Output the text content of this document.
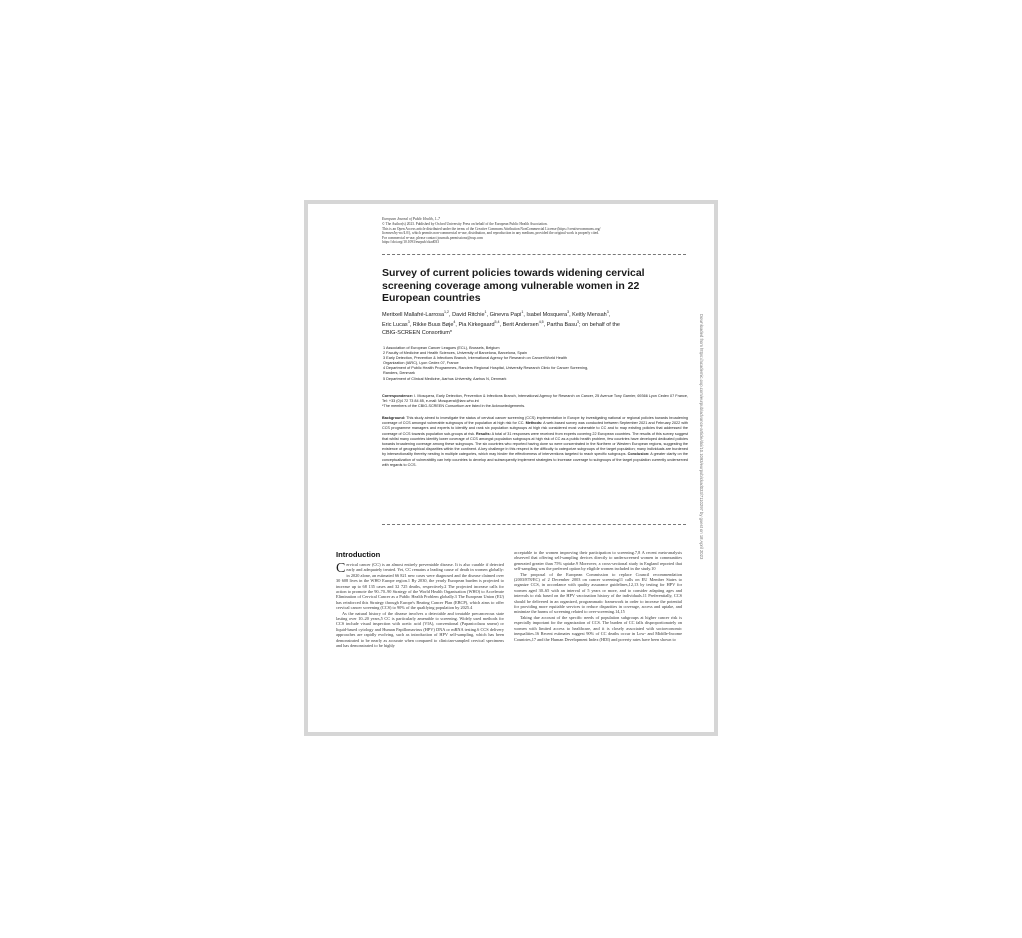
European Journal of Public Health, 1–7
© The Author(s) 2023. Published by Oxford University Press on behalf of the European Public Health Association.
This is an Open Access article distributed under the terms of the Creative Commons Attribution NonCommercial License (https://creativecommons.org/
licenses/by-nc/4.0/), which permits non-commercial re-use, distribution, and reproduction in any medium, provided the original work is properly cited.
For commercial re-use, please contact journals.permissions@oup.com
https://doi.org/10.1093/eurpub/ckad033
Survey of current policies towards widening cervical screening coverage among vulnerable women in 22 European countries
Meritxell Mallafré-Larrosa$^{1,2}$, David Ritchie$^1$, Ginevra Papi$^1$, Isabel Mosquera$^3$, Keitly Mensah$^3$,
Eric Lucas$^3$, Rikke Buus Bøje$^4$, Pia Kirkegaard$^{5,4}$, Berit Andersen$^{4,5}$, Partha Basu$^3$; on behalf of the
CBIG-SCREEN Consortium*
1 Association of European Cancer Leagues (ECL), Brussels, Belgium
2 Faculty of Medicine and Health Sciences, University of Barcelona, Barcelona, Spain
3 Early Detection, Prevention & Infections Branch, International Agency for Research on Cancer/World Health
Organization (IARC), Lyon Cedex 07, France
4 Department of Public Health Programmes, Randers Regional Hospital, University Research Clinic for Cancer Screening,
Randers, Denmark
5 Department of Clinical Medicine, Aarhus University, Aarhus N, Denmark
Correspondence: I. Mosquera, Early Detection, Prevention & Infections Branch, International Agency for Research on Cancer, 25 Avenue Tony Garnier, 69366 Lyon Cedex 07 France, Tel: +33 (0)4 72 73 84 85, e-mail: MosqueraI@iarc.who.int
*The members of the CBIG-SCREEN Consortium are listed in the Acknowledgements.
Background: This study aimed to investigate the status of cervical cancer screening (CCS) implementation in Europe by investigating national or regional policies towards broadening coverage of CCS amongst vulnerable subgroups of the population at high risk for CC. Methods: A web-based survey was conducted between September 2021 and February 2022 with CCS programme managers and experts to identify and rank six population subgroups at high risk considered most vulnerable to CC and to map existing policies that addressed the coverage of CCS towards population sub-groups at risk. Results: A total of 31 responses were received from experts covering 22 European countries. The results of this survey suggest that whilst many countries identify lower coverage of CCS amongst population subgroups at high risk of CC as a public health problem, few countries have developed dedicated policies towards broadening coverage among these subgroups. The six countries who reported having done so were concentrated in the Northern or Western European regions, suggesting the existence of geographical disparities within the continent. A key challenge in this respect is the difficulty to categorize subgroups of the target population; many individuals are burdened by intersectionality thereby nesting in multiple categories, which may hinder the effectiveness of interventions targeted to reach specific subgroups. Conclusion: A greater clarity on the conceptualization of vulnerability can help countries to develop and subsequently implement strategies to increase coverage to subgroups of the target population currently underserved with regards to CCS.
Introduction

Cervical cancer (CC) is an almost entirely preventable disease. It is also curable if detected early and adequately treated. Yet, CC remains a leading cause of death in women globally: in 2020 alone, an estimated 66 821 new cases were diagnosed and the disease claimed over 30 608 lives in the WHO Europe region.1 By 2030, the yearly European burden is projected to increase up to 68 135 cases and 32 725 deaths, respectively.2 The projected increase calls for action to promote the 90–70–90 Strategy of the World Health Organisation (WHO) to Accelerate Elimination of Cervical Cancer as a Public Health Problem globally.3 The European Union (EU) has reinforced this Strategy through Europe's Beating Cancer Plan (EBCP), which aims to offer cervical cancer screening (CCS) to 90% of the qualifying population by 2025.4

As the natural history of the disease involves a detectable and treatable precancerous state lasting over 10–20 years,5 CC is particularly amenable to screening. Widely used methods for CCS include visual inspection with acetic acid (VIA), conventional (Papanicolaou smear) or liquid-based cytology and Human Papillomavirus (HPV) DNA or mRNA testing.6 CCS delivery approaches are rapidly evolving, such as introduction of HPV self-sampling, which has been demonstrated to be nearly as accurate when compared to clinician-sampled cervical specimens and has demonstrated to be highly

acceptable to the women improving their participation to screening.7,8 A recent meta-analysis observed that offering self-sampling devices directly to underscreened women in communities generated greater than 75% uptake.9 Moreover, a cross-sectional study in England reported that self-sampling was the preferred option by eligible women included in the study.10

The proposal of the European Commission to replace Council recommendation (2003/878/EC) of 2 December 2003 on cancer screening11 calls on EU Member States to organize CCS, in accordance with quality assurance guidelines,12,13 by testing for HPV for women aged 30–65 with an interval of 5 years or more, and to consider adapting ages and intervals to risk based on the HPV vaccination history of the individuals.11 Preferentially, CCS should be delivered in an organized, programmatic framework in order to increase the potential for providing more equitable services to reduce disparities in coverage, access and uptake, and minimize the harms of screening related to over-screening.14,15

Taking due account of the specific needs of population subgroups at higher cancer risk is especially important for the organization of CCS. The burden of CC falls disproportionately on women with limited access to healthcare, and it is closely associated with socioeconomic inequalities.16 Recent estimates suggest 90% of CC deaths occur in Low- and Middle-Income Countries,17 and the Human Development Index (HDI) and poverty rates have been shown to

Downloaded from https://academic.oup.com/eurpub/advance-article/doi/10.1093/eurpub/ckad033/7110297 by guest on 18 April 2023
